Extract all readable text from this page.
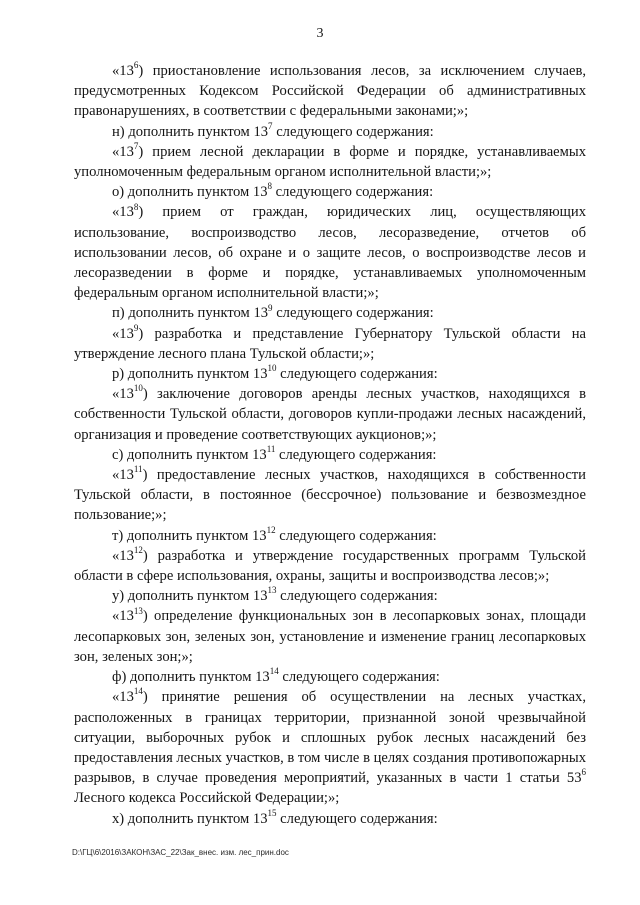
3

«$13^6$) приостановление использования лесов, за исключением случаев, предусмотренных Кодексом Российской Федерации об административных правонарушениях, в соответствии с федеральными законами;»;

н) дополнить пунктом $13^7$ следующего содержания:

«$13^7$) прием лесной декларации в форме и порядке, устанавливаемых уполномоченным федеральным органом исполнительной власти;»;

о) дополнить пунктом $13^8$ следующего содержания:

«$13^8$) прием от граждан, юридических лиц, осуществляющих использование, воспроизводство лесов, лесоразведение, отчетов об использовании лесов, об охране и о защите лесов, о воспроизводстве лесов и лесоразведении в форме и порядке, устанавливаемых уполномоченным федеральным органом исполнительной власти;»;

п) дополнить пунктом $13^9$ следующего содержания:

«$13^9$) разработка и представление Губернатору Тульской области на утверждение лесного плана Тульской области;»;

р) дополнить пунктом $13^{10}$ следующего содержания:

«$13^{10}$) заключение договоров аренды лесных участков, находящихся в собственности Тульской области, договоров купли-продажи лесных насаждений, организация и проведение соответствующих аукционов;»;

с) дополнить пунктом $13^{11}$ следующего содержания:

«$13^{11}$) предоставление лесных участков, находящихся в собственности Тульской области, в постоянное (бессрочное) пользование и безвозмездное пользование;»;

т) дополнить пунктом $13^{12}$ следующего содержания:

«$13^{12}$) разработка и утверждение государственных программ Тульской области в сфере использования, охраны, защиты и воспроизводства лесов;»;

у) дополнить пунктом $13^{13}$ следующего содержания:

«$13^{13}$) определение функциональных зон в лесопарковых зонах, площади лесопарковых зон, зеленых зон, установление и изменение границ лесопарковых зон, зеленых зон;»;

ф) дополнить пунктом $13^{14}$ следующего содержания:

«$13^{14}$) принятие решения об осуществлении на лесных участках, расположенных в границах территории, признанной зоной чрезвычайной ситуации, выборочных рубок и сплошных рубок лесных насаждений без предоставления лесных участков, в том числе в целях создания противопожарных разрывов, в случае проведения мероприятий, указанных в части 1 статьи $53^6$ Лесного кодекса Российской Федерации;»;

х) дополнить пунктом $13^{15}$ следующего содержания:

D:\ГЦ\6\2016\ЗАКОН\ЗАС_22\Зак_внес. изм. лес_прин.doc
